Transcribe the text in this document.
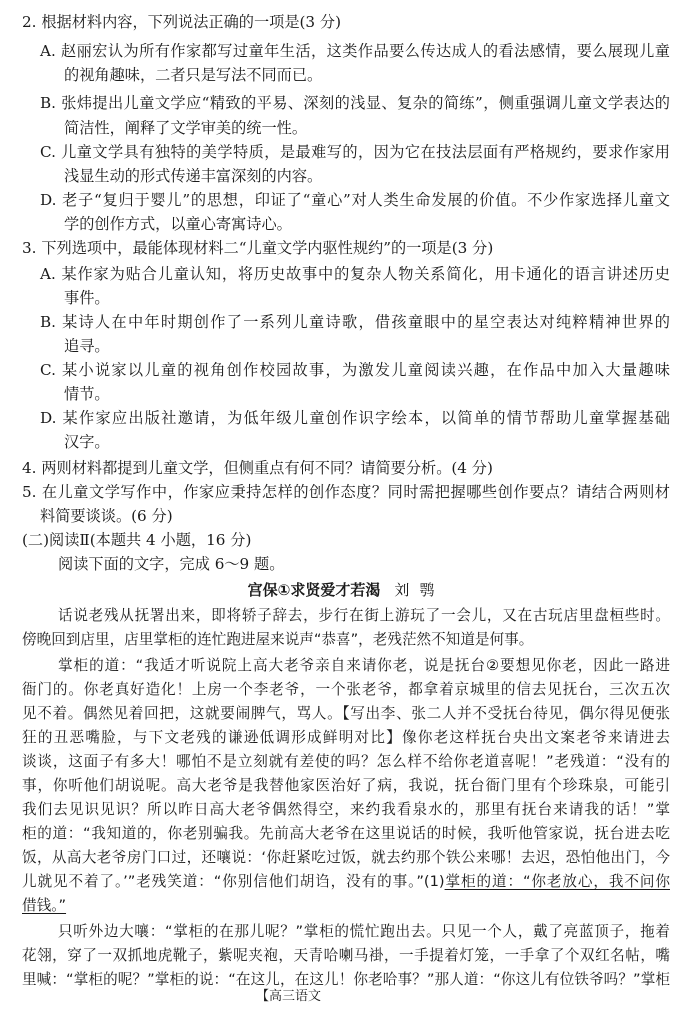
2. 根据材料内容，下列说法正确的一项是(3 分)
A. 赵丽宏认为所有作家都写过童年生活，这类作品要么传达成人的看法感情，要么展现儿童
的视角趣味，二者只是写法不同而已。
B. 张炜提出儿童文学应“精致的平易、深刻的浅显、复杂的简练”，侧重强调儿童文学表达的
简洁性，阐释了文学审美的统一性。
C. 儿童文学具有独特的美学特质，是最难写的，因为它在技法层面有严格规约，要求作家用
浅显生动的形式传递丰富深刻的内容。
D. 老子“复归于婴儿”的思想，印证了“童心”对人类生命发展的价值。不少作家选择儿童文
学的创作方式，以童心寄寓诗心。
3. 下列选项中，最能体现材料二“儿童文学内驱性规约”的一项是(3 分)
A. 某作家为贴合儿童认知，将历史故事中的复杂人物关系简化，用卡通化的语言讲述历史
事件。
B. 某诗人在中年时期创作了一系列儿童诗歌，借孩童眼中的星空表达对纯粹精神世界的
追寻。
C. 某小说家以儿童的视角创作校园故事，为激发儿童阅读兴趣，在作品中加入大量趣味
情节。
D. 某作家应出版社邀请，为低年级儿童创作识字绘本，以简单的情节帮助儿童掌握基础
汉字。
4. 两则材料都提到儿童文学，但侧重点有何不同？请简要分析。(4 分)
5. 在儿童文学写作中，作家应秉持怎样的创作态度？同时需把握哪些创作要点？请结合两则材
料简要谈谈。(6 分)
(二)阅读Ⅱ(本题共 4 小题，16 分)
阅读下面的文字，完成 6～9 题。
宫保①求贤爱才若渴 刘鹗
话说老残从抚署出来，即将轿子辞去，步行在街上游玩了一会儿，又在古玩店里盘桓些时。
傍晚回到店里，店里掌柜的连忙跑进屋来说声“恭喜”，老残茫然不知道是何事。
掌柜的道：“我适才听说院上高大老爷亲自来请你老，说是抚台②要想见你老，因此一路进
衙门的。你老真好造化！上房一个李老爷，一个张老爷，都拿着京城里的信去见抚台，三次五次
见不着。偶然见着回把，这就要闹脾气，骂人。【写出李、张二人并不受抚台待见，偶尔得见便张
狂的丑恶嘴脸，与下文老残的谦逊低调形成鲜明对比】像你老这样抚台央出文案老爷来请进去
谈谈，这面子有多大！哪怕不是立刻就有差使的吗？怎么样不给你老道喜呢！”老残道：“没有的
事，你听他们胡说呢。高大老爷是我替他家医治好了病，我说，抚台衙门里有个珍珠泉，可能引
我们去见识见识？所以昨日高大老爷偶然得空，来约我看泉水的，那里有抚台来请我的话！”掌
柜的道：“我知道的，你老别骗我。先前高大老爷在这里说话的时候，我听他管家说，抚台进去吃
饭，从高大老爷房门口过，还嚷说：‘你赶紧吃过饭，就去约那个铁公来哪！去迟，恐怕他出门，今
儿就见不着了。’”老残笑道：“你别信他们胡诌，没有的事。”(1)掌柜的道：“你老放心，我不问你
借钱。”
只听外边大嚷：“掌柜的在那儿呢？”掌柜的慌忙跑出去。只见一个人，戴了亮蓝顶子，拖着
花翎，穿了一双抓地虎靴子，紫呢夹袍，天青哈喇马褂，一手提着灯笼，一手拿了个双红名帖，嘴
里喊：“掌柜的呢？”掌柜的说：“在这儿，在这儿！你老哈事？”那人道：“你这儿有位铁爷吗？”掌柜
【高三语文
